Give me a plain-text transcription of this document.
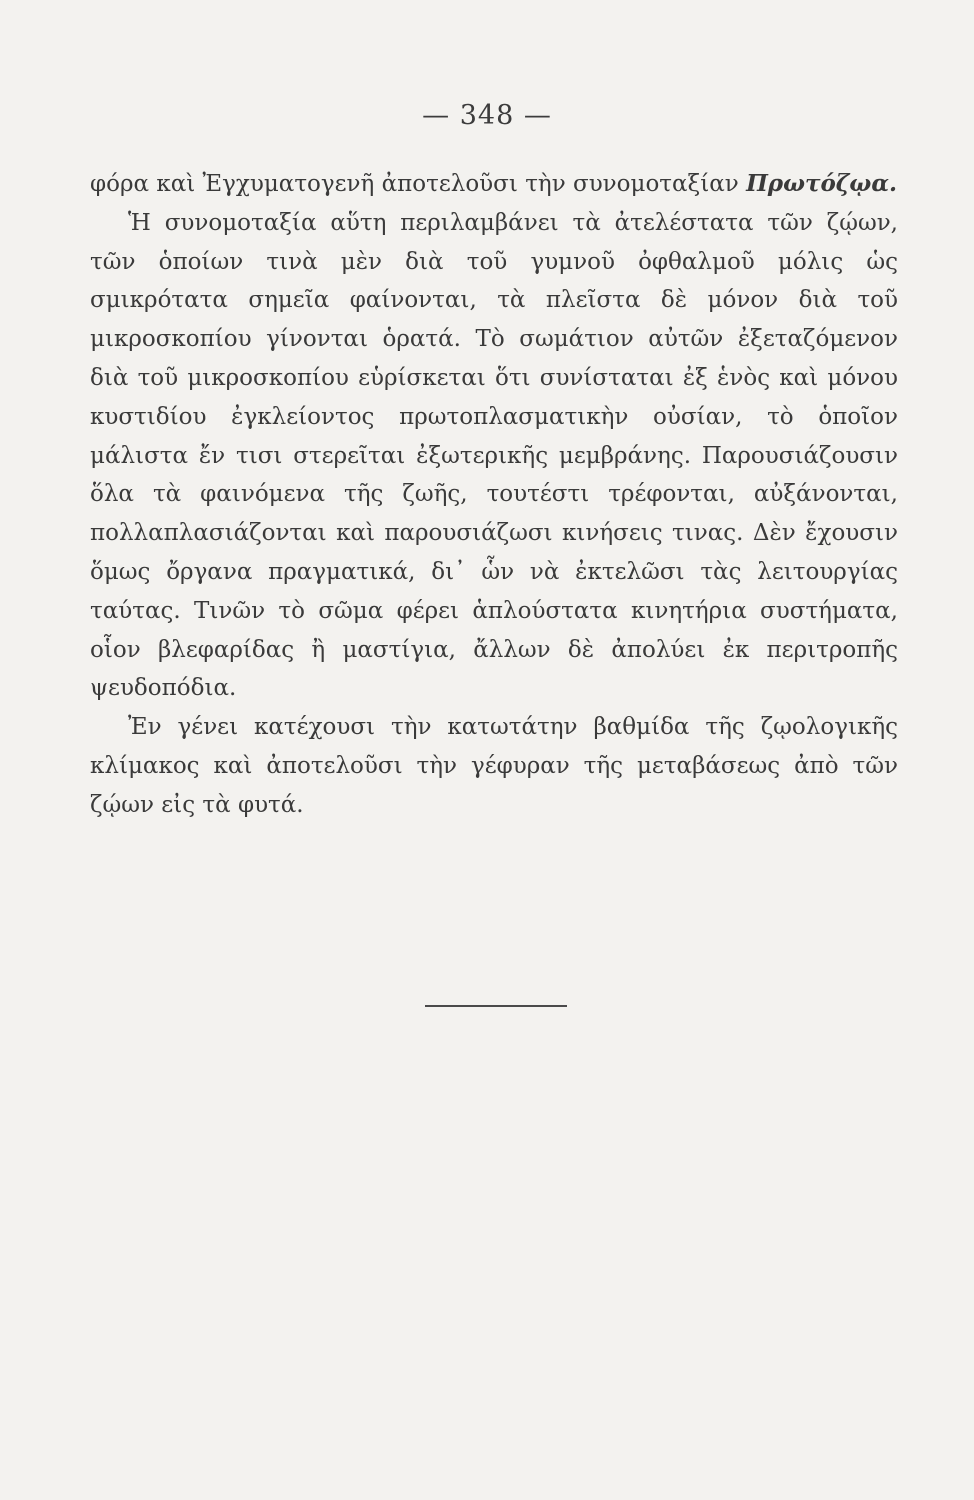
— 348 —

φόρα καὶ Ἐγχυματογενῆ ἀποτελοῦσι τὴν συνομοταξίαν Πρωτόζῳα.

Ἡ συνομοταξία αὕτη περιλαμβάνει τὰ ἀτελέστατα τῶν ζῴων, τῶν ὁποίων τινὰ μὲν διὰ τοῦ γυμνοῦ ὀφθαλμοῦ μόλις ὡς σμικρότατα σημεῖα φαίνονται, τὰ πλεῖστα δὲ μόνον διὰ τοῦ μικροσκοπίου γίνονται ὁρατά. Τὸ σωμάτιον αὐτῶν ἐξεταζόμενον διὰ τοῦ μικροσκοπίου εὑρίσκεται ὅτι συνίσταται ἐξ ἑνὸς καὶ μόνου κυστιδίου ἐγκλείοντος πρωτοπλασματικὴν οὐσίαν, τὸ ὁποῖον μάλιστα ἔν τισι στερεῖται ἐξωτερικῆς μεμβράνης. Παρουσιάζουσιν ὅλα τὰ φαινόμενα τῆς ζωῆς, τουτέστι τρέφονται, αὐξάνονται, πολλαπλασιάζονται καὶ παρουσιάζωσι κινήσεις τινας. Δὲν ἔχουσιν ὅμως ὄργανα πραγματικά, δι᾽ ὧν νὰ ἐκτελῶσι τὰς λειτουργίας ταύτας. Τινῶν τὸ σῶμα φέρει ἁπλούστατα κινητήρια συστήματα, οἷον βλεφαρίδας ἢ μαστίγια, ἄλλων δὲ ἀπολύει ἐκ περιτροπῆς ψευδοπόδια.

Ἐν γένει κατέχουσι τὴν κατωτάτην βαθμίδα τῆς ζῳολογικῆς κλίμακος καὶ ἀποτελοῦσι τὴν γέφυραν τῆς μεταβάσεως ἀπὸ τῶν ζῴων εἰς τὰ φυτά.
